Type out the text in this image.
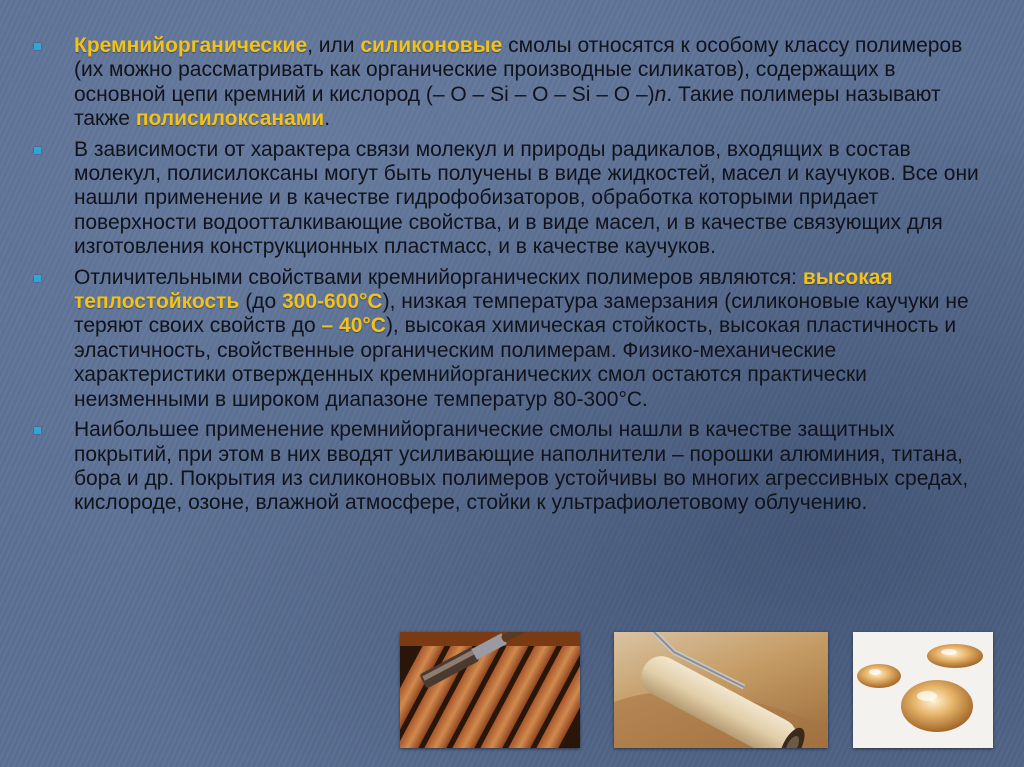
Кремнийорганические, или силиконовые смолы относятся к особому классу полимеров (их можно рассматривать как органические производные силикатов), содержащих в основной цепи кремний и кислород (– O – Si – O – Si – O –)n. Такие полимеры называют также полисилоксанами.
В зависимости от характера связи молекул и природы радикалов, входящих в состав молекул, полисилоксаны могут быть получены в виде жидкостей, масел и каучуков. Все они нашли применение и в качестве гидрофобизаторов, обработка которыми придает поверхности водоотталкивающие свойства, и в виде масел, и в качестве связующих для изготовления конструкционных пластмасс, и в качестве каучуков.
Отличительными свойствами кремнийорганических полимеров являются: высокая теплостойкость (до 300-600°С), низкая температура замерзания (силиконовые каучуки не теряют своих свойств до – 40°С), высокая химическая стойкость, высокая пластичность и эластичность, свойственные органическим полимерам. Физико-механические характеристики отвержденных кремнийорганических смол остаются практически неизменными в широком диапазоне температур 80-300°С.
Наибольшее применение кремнийорганические смолы нашли в качестве защитных покрытий, при этом в них вводят усиливающие наполнители – порошки алюминия, титана, бора и др. Покрытия из силиконовых полимеров устойчивы во многих агрессивных средах, кислороде, озоне, влажной атмосфере, стойки к ультрафиолетовому облучению.
